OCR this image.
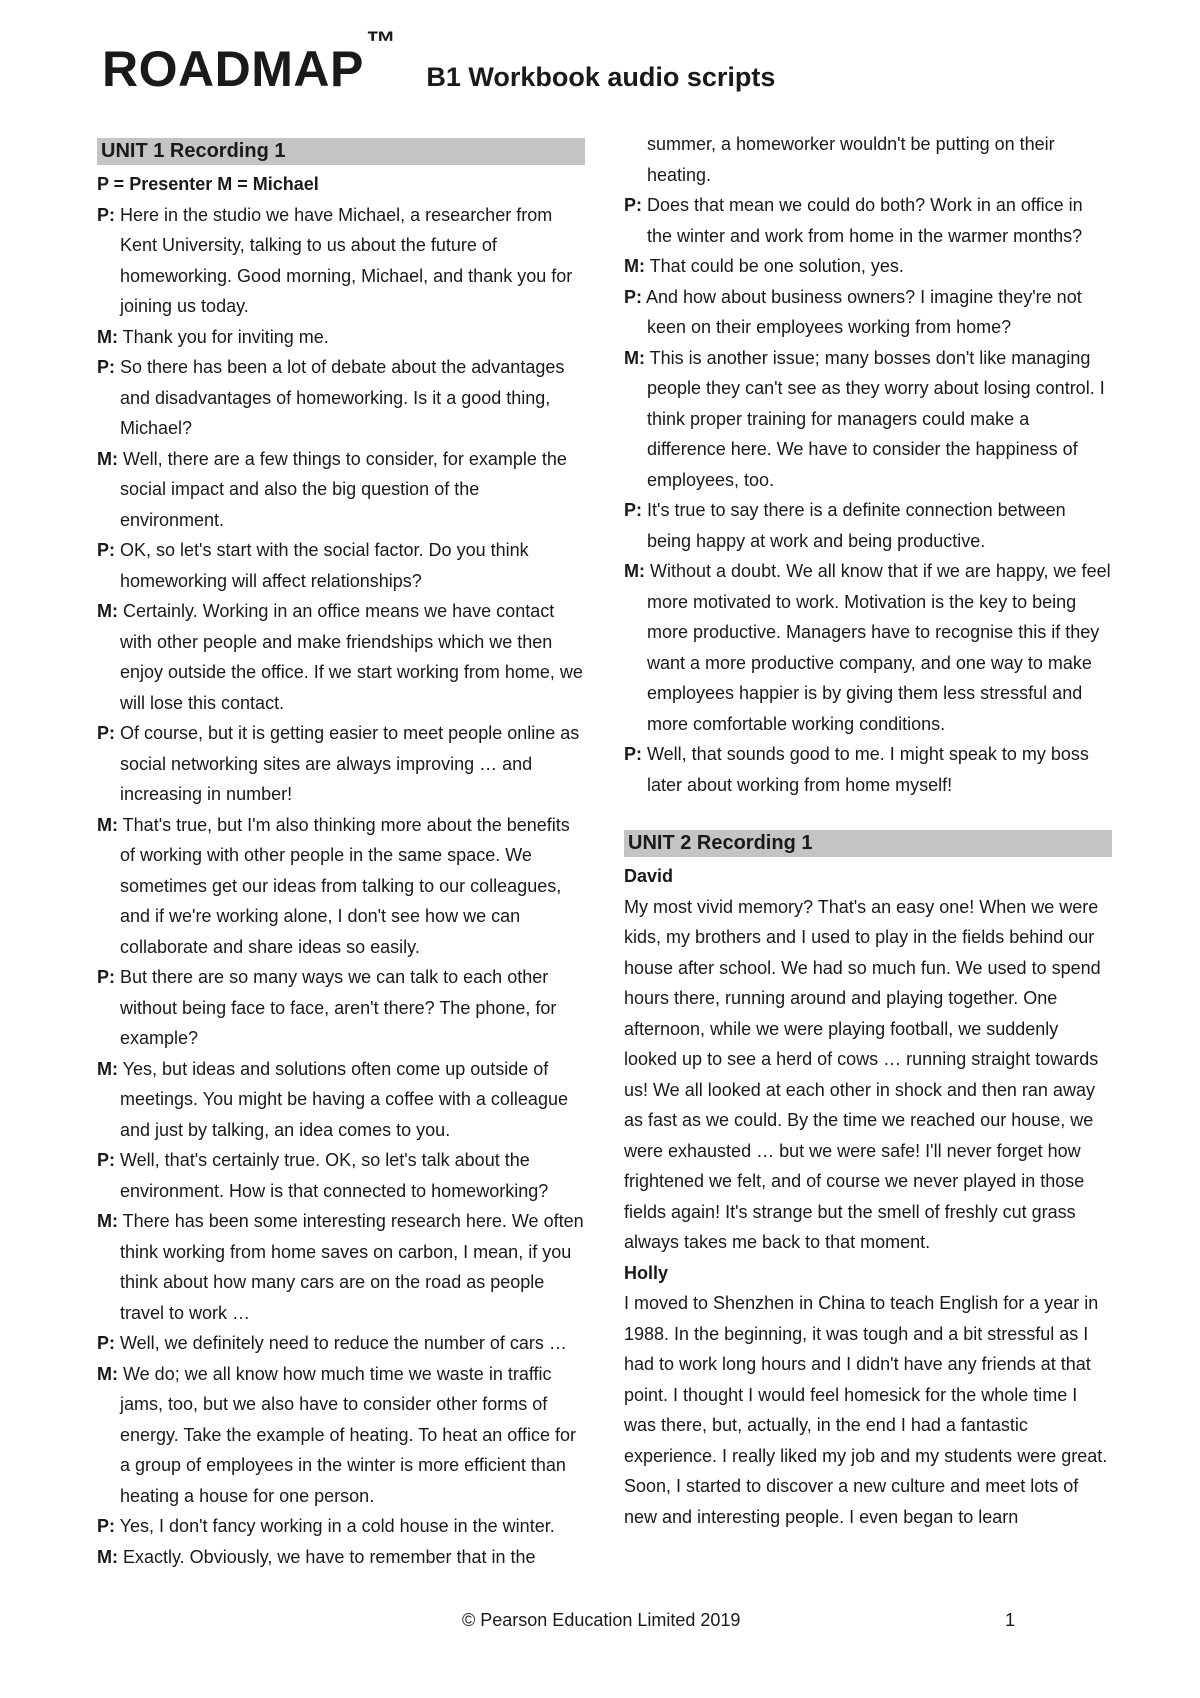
ROADMAP™
B1 Workbook audio scripts
UNIT 1 Recording 1
P = Presenter M = Michael
P: Here in the studio we have Michael, a researcher from Kent University, talking to us about the future of homeworking. Good morning, Michael, and thank you for joining us today.
M: Thank you for inviting me.
P: So there has been a lot of debate about the advantages and disadvantages of homeworking. Is it a good thing, Michael?
M: Well, there are a few things to consider, for example the social impact and also the big question of the environment.
P: OK, so let's start with the social factor. Do you think homeworking will affect relationships?
M: Certainly. Working in an office means we have contact with other people and make friendships which we then enjoy outside the office. If we start working from home, we will lose this contact.
P: Of course, but it is getting easier to meet people online as social networking sites are always improving … and increasing in number!
M: That's true, but I'm also thinking more about the benefits of working with other people in the same space. We sometimes get our ideas from talking to our colleagues, and if we're working alone, I don't see how we can collaborate and share ideas so easily.
P: But there are so many ways we can talk to each other without being face to face, aren't there? The phone, for example?
M: Yes, but ideas and solutions often come up outside of meetings. You might be having a coffee with a colleague and just by talking, an idea comes to you.
P: Well, that's certainly true. OK, so let's talk about the environment. How is that connected to homeworking?
M: There has been some interesting research here. We often think working from home saves on carbon, I mean, if you think about how many cars are on the road as people travel to work …
P: Well, we definitely need to reduce the number of cars …
M: We do; we all know how much time we waste in traffic jams, too, but we also have to consider other forms of energy. Take the example of heating. To heat an office for a group of employees in the winter is more efficient than heating a house for one person.
P: Yes, I don't fancy working in a cold house in the winter.
M: Exactly. Obviously, we have to remember that in the
summer, a homeworker wouldn't be putting on their heating.
P: Does that mean we could do both? Work in an office in the winter and work from home in the warmer months?
M: That could be one solution, yes.
P: And how about business owners? I imagine they're not keen on their employees working from home?
M: This is another issue; many bosses don't like managing people they can't see as they worry about losing control. I think proper training for managers could make a difference here. We have to consider the happiness of employees, too.
P: It's true to say there is a definite connection between being happy at work and being productive.
M: Without a doubt. We all know that if we are happy, we feel more motivated to work. Motivation is the key to being more productive. Managers have to recognise this if they want a more productive company, and one way to make employees happier is by giving them less stressful and more comfortable working conditions.
P: Well, that sounds good to me. I might speak to my boss later about working from home myself!
UNIT 2 Recording 1
David
My most vivid memory? That's an easy one! When we were kids, my brothers and I used to play in the fields behind our house after school. We had so much fun. We used to spend hours there, running around and playing together. One afternoon, while we were playing football, we suddenly looked up to see a herd of cows … running straight towards us! We all looked at each other in shock and then ran away as fast as we could. By the time we reached our house, we were exhausted … but we were safe! I'll never forget how frightened we felt, and of course we never played in those fields again! It's strange but the smell of freshly cut grass always takes me back to that moment.
Holly
I moved to Shenzhen in China to teach English for a year in 1988. In the beginning, it was tough and a bit stressful as I had to work long hours and I didn't have any friends at that point. I thought I would feel homesick for the whole time I was there, but, actually, in the end I had a fantastic experience. I really liked my job and my students were great. Soon, I started to discover a new culture and meet lots of new and interesting people. I even began to learn
© Pearson Education Limited 2019	1
